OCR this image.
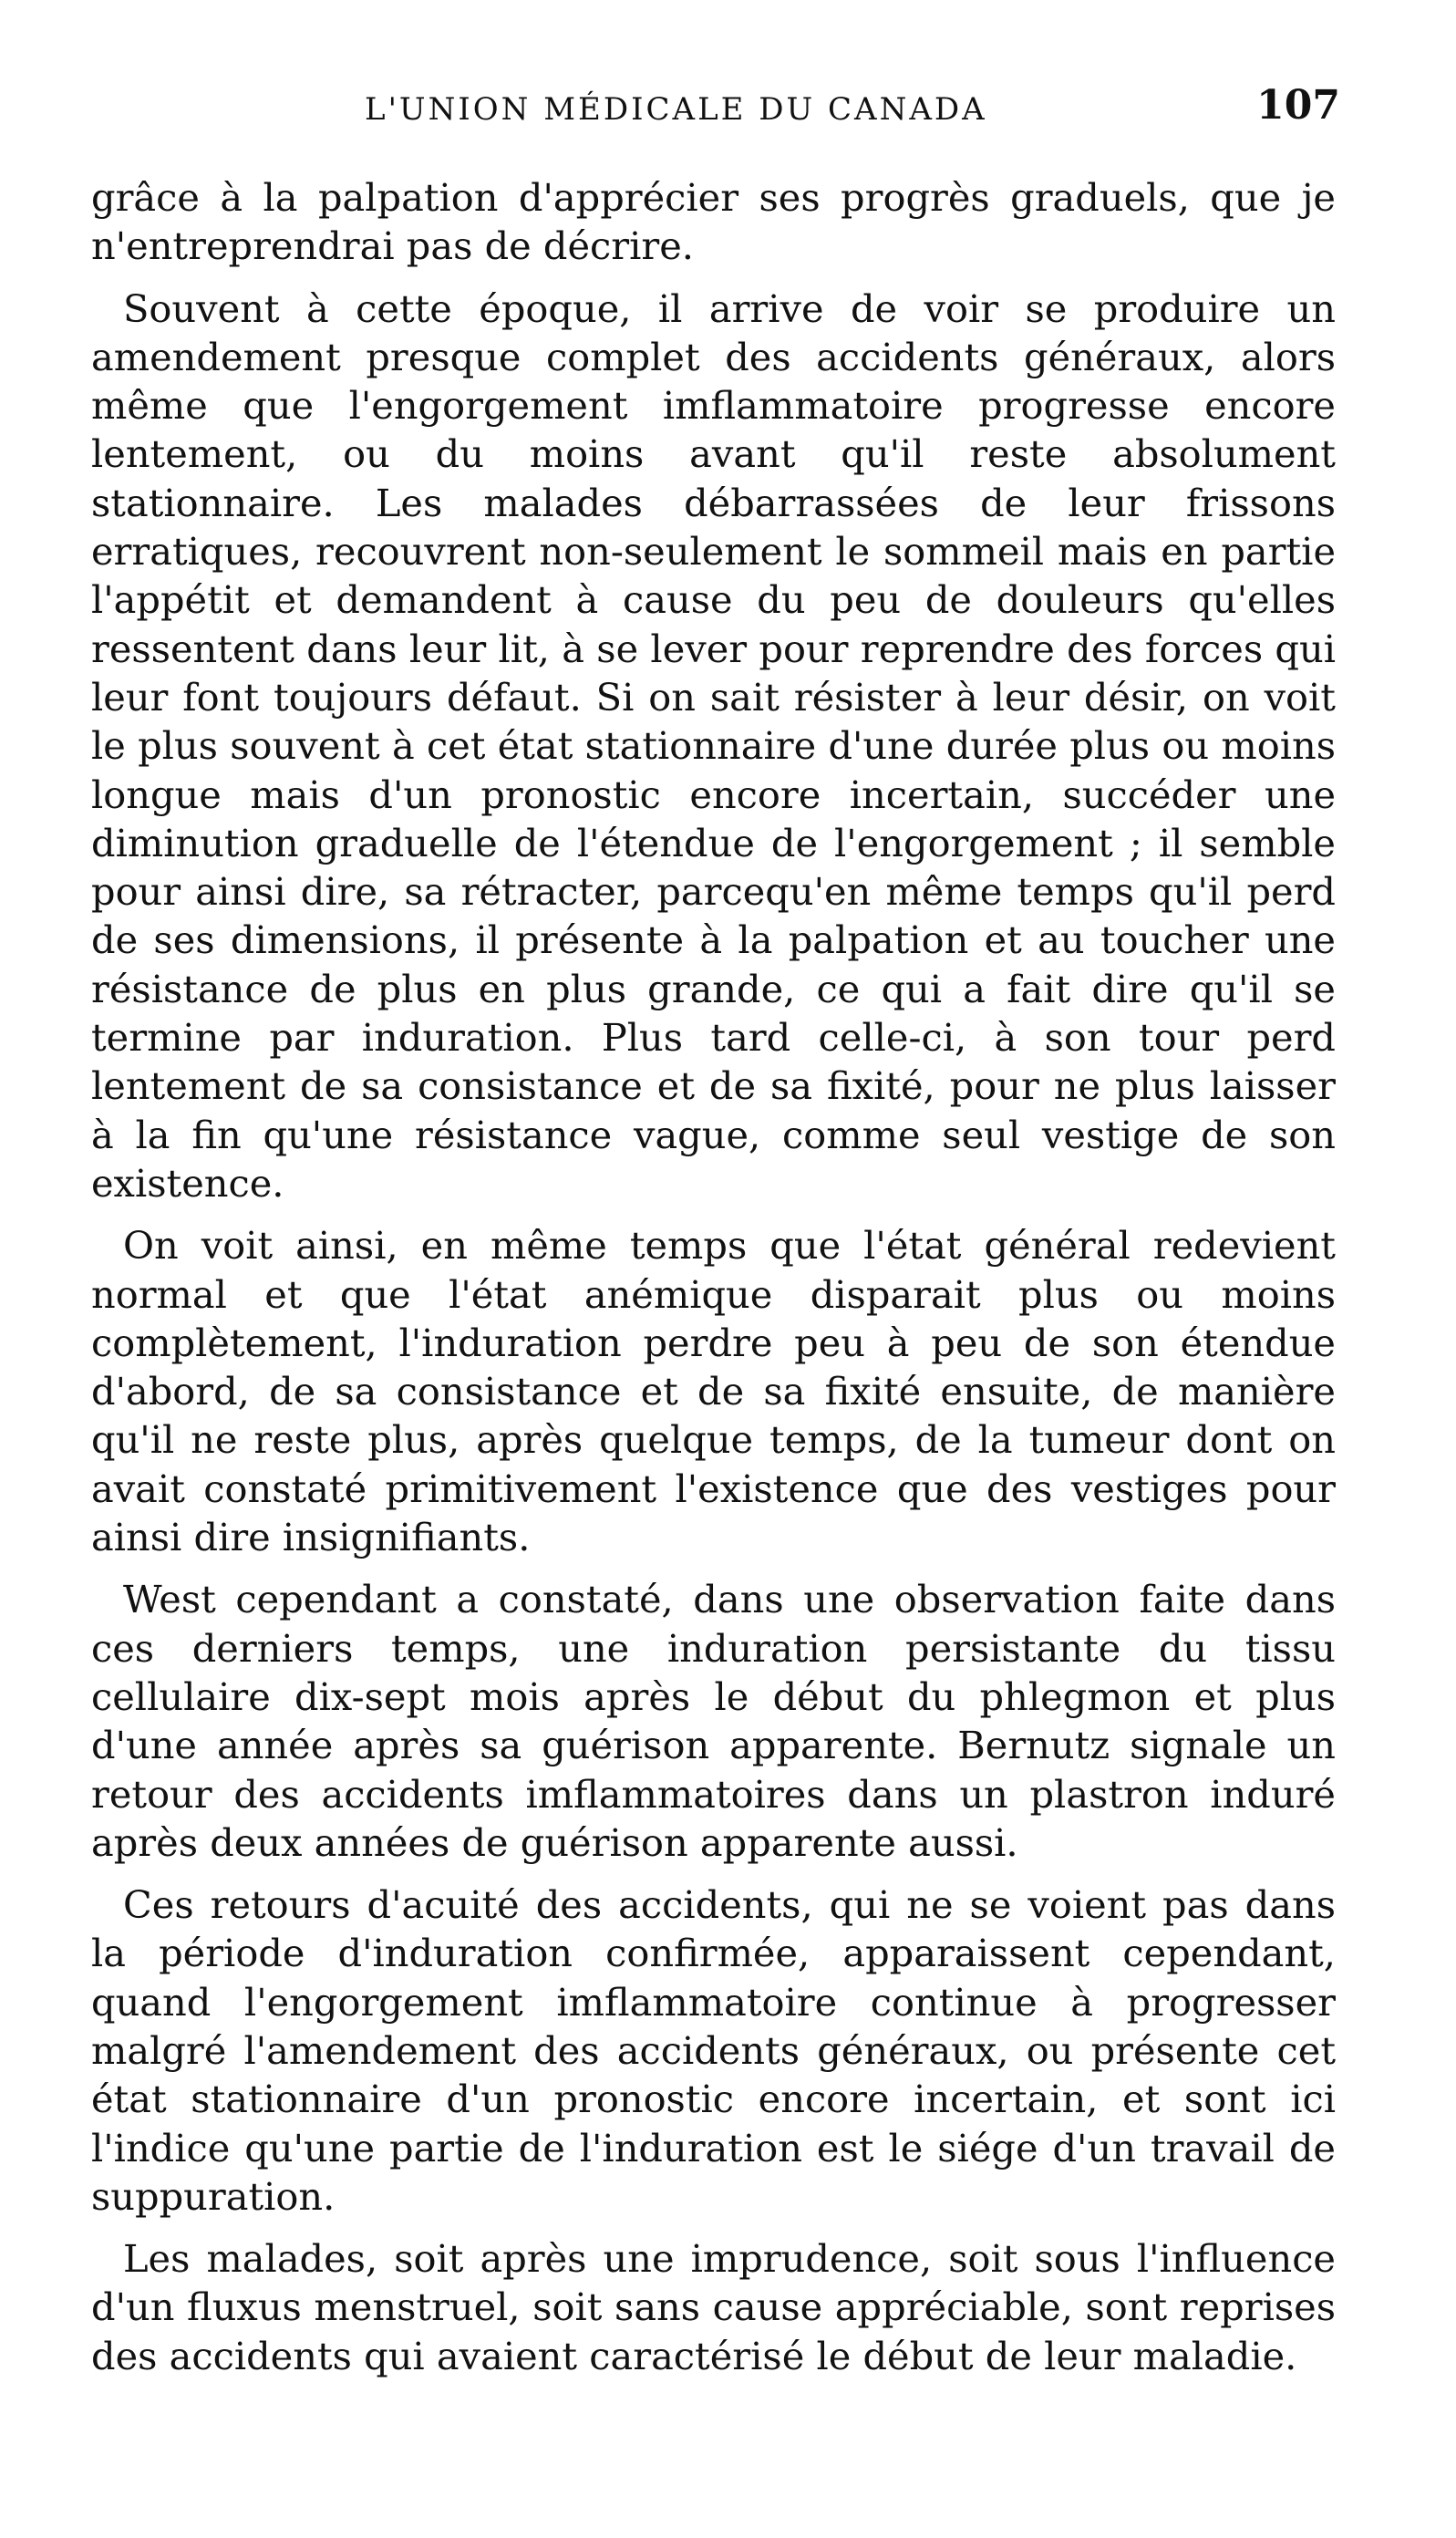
L'UNION MÉDICALE DU CANADA	107

grâce à la palpation d'apprécier ses progrès graduels, que je n'entreprendrai pas de décrire.

Souvent à cette époque, il arrive de voir se produire un amendement presque complet des accidents généraux, alors même que l'engorgement imflammatoire progresse encore lentement, ou du moins avant qu'il reste absolument stationnaire. Les malades débarrassées de leur frissons erratiques, recouvrent non-seulement le sommeil mais en partie l'appétit et demandent à cause du peu de douleurs qu'elles ressentent dans leur lit, à se lever pour reprendre des forces qui leur font toujours défaut. Si on sait résister à leur désir, on voit le plus souvent à cet état stationnaire d'une durée plus ou moins longue mais d'un pronostic encore incertain, succéder une diminution graduelle de l'étendue de l'engorgement ; il semble pour ainsi dire, sa rétracter, parcequ'en même temps qu'il perd de ses dimensions, il présente à la palpation et au toucher une résistance de plus en plus grande, ce qui a fait dire qu'il se termine par induration. Plus tard celle-ci, à son tour perd lentement de sa consistance et de sa fixité, pour ne plus laisser à la fin qu'une résistance vague, comme seul vestige de son existence.

On voit ainsi, en même temps que l'état général redevient normal et que l'état anémique disparait plus ou moins complètement, l'induration perdre peu à peu de son étendue d'abord, de sa consistance et de sa fixité ensuite, de manière qu'il ne reste plus, après quelque temps, de la tumeur dont on avait constaté primitivement l'existence que des vestiges pour ainsi dire insignifiants.

West cependant a constaté, dans une observation faite dans ces derniers temps, une induration persistante du tissu cellulaire dix-sept mois après le début du phlegmon et plus d'une année après sa guérison apparente. Bernutz signale un retour des accidents imflammatoires dans un plastron induré après deux années de guérison apparente aussi.

Ces retours d'acuité des accidents, qui ne se voient pas dans la période d'induration confirmée, apparaissent cependant, quand l'engorgement imflammatoire continue à progresser malgré l'amendement des accidents généraux, ou présente cet état stationnaire d'un pronostic encore incertain, et sont ici l'indice qu'une partie de l'induration est le siége d'un travail de suppuration.

Les malades, soit après une imprudence, soit sous l'influence d'un fluxus menstruel, soit sans cause appréciable, sont reprises des accidents qui avaient caractérisé le début de leur maladie.
